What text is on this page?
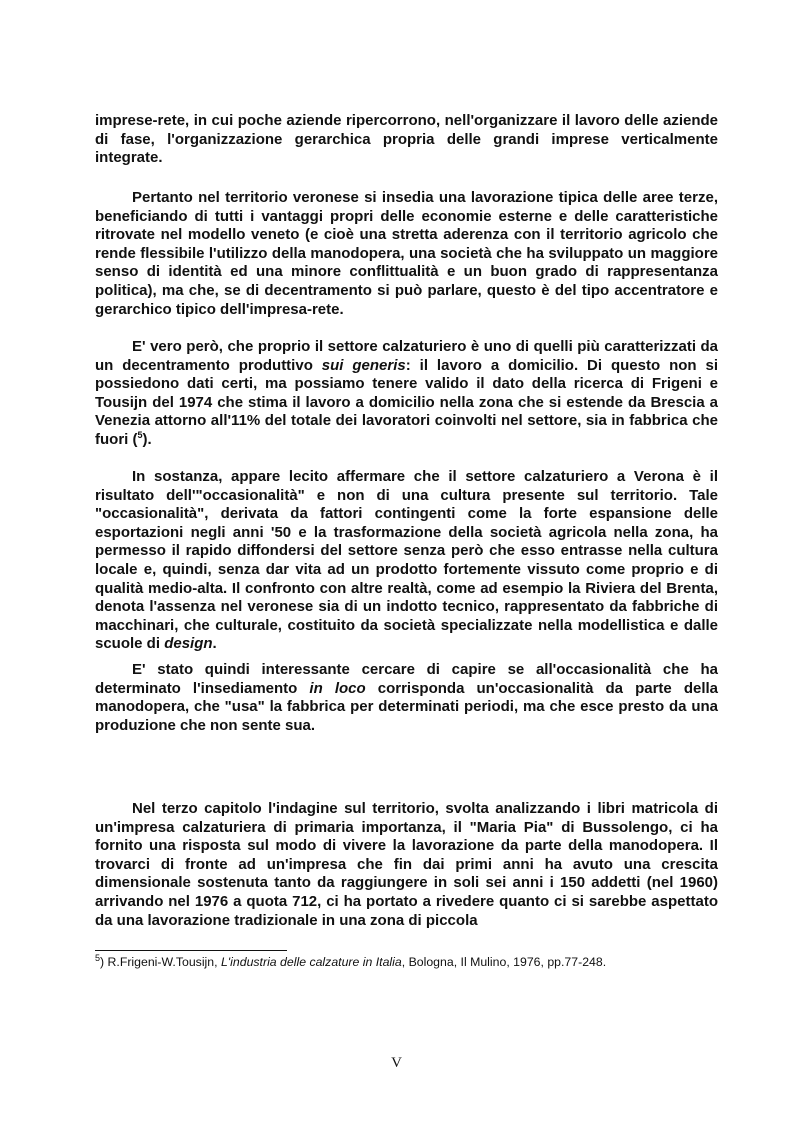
imprese-rete, in cui poche aziende ripercorrono, nell'organizzare il lavoro delle aziende di fase, l'organizzazione gerarchica propria delle grandi imprese verticalmente integrate.

Pertanto nel territorio veronese si insedia una lavorazione tipica delle aree terze, beneficiando di tutti i vantaggi propri delle economie esterne e delle caratteristiche ritrovate nel modello veneto (e cioè una stretta aderenza con il territorio agricolo che rende flessibile l'utilizzo della manodopera, una società che ha sviluppato un maggiore senso di identità ed una minore conflittualità e un buon grado di rappresentanza politica), ma che, se di decentramento si può parlare, questo è del tipo accentratore e gerarchico tipico dell'impresa-rete.

E' vero però, che proprio il settore calzaturiero è uno di quelli più caratterizzati da un decentramento produttivo sui generis: il lavoro a domicilio. Di questo non si possiedono dati certi, ma possiamo tenere valido il dato della ricerca di Frigeni e Tousijn del 1974 che stima il lavoro a domicilio nella zona che si estende da Brescia a Venezia attorno all'11% del totale dei lavoratori coinvolti nel settore, sia in fabbrica che fuori ($^5$).

In sostanza, appare lecito affermare che il settore calzaturiero a Verona è il risultato dell'"occasionalità" e non di una cultura presente sul territorio. Tale "occasionalità", derivata da fattori contingenti come la forte espansione delle esportazioni negli anni '50 e la trasformazione della società agricola nella zona, ha permesso il rapido diffondersi del settore senza però che esso entrasse nella cultura locale e, quindi, senza dar vita ad un prodotto fortemente vissuto come proprio e di qualità medio-alta. Il confronto con altre realtà, come ad esempio la Riviera del Brenta, denota l'assenza nel veronese sia di un indotto tecnico, rappresentato da fabbriche di macchinari, che culturale, costituito da società specializzate nella modellistica e dalle scuole di design.

E' stato quindi interessante cercare di capire se all'occasionalità che ha determinato l'insediamento in loco corrisponda un'occasionalità da parte della manodopera, che "usa" la fabbrica per determinati periodi, ma che esce presto da una produzione che non sente sua.

Nel terzo capitolo l'indagine sul territorio, svolta analizzando i libri matricola di un'impresa calzaturiera di primaria importanza, il "Maria Pia" di Bussolengo, ci ha fornito una risposta sul modo di vivere la lavorazione da parte della manodopera. Il trovarci di fronte ad un'impresa che fin dai primi anni ha avuto una crescita dimensionale sostenuta tanto da raggiungere in soli sei anni i 150 addetti (nel 1960) arrivando nel 1976 a quota 712, ci ha portato a rivedere quanto ci si sarebbe aspettato da una lavorazione tradizionale in una zona di piccola

$^5$) R.Frigeni-W.Tousijn, L'industria delle calzature in Italia, Bologna, Il Mulino, 1976, pp.77-248.

V
